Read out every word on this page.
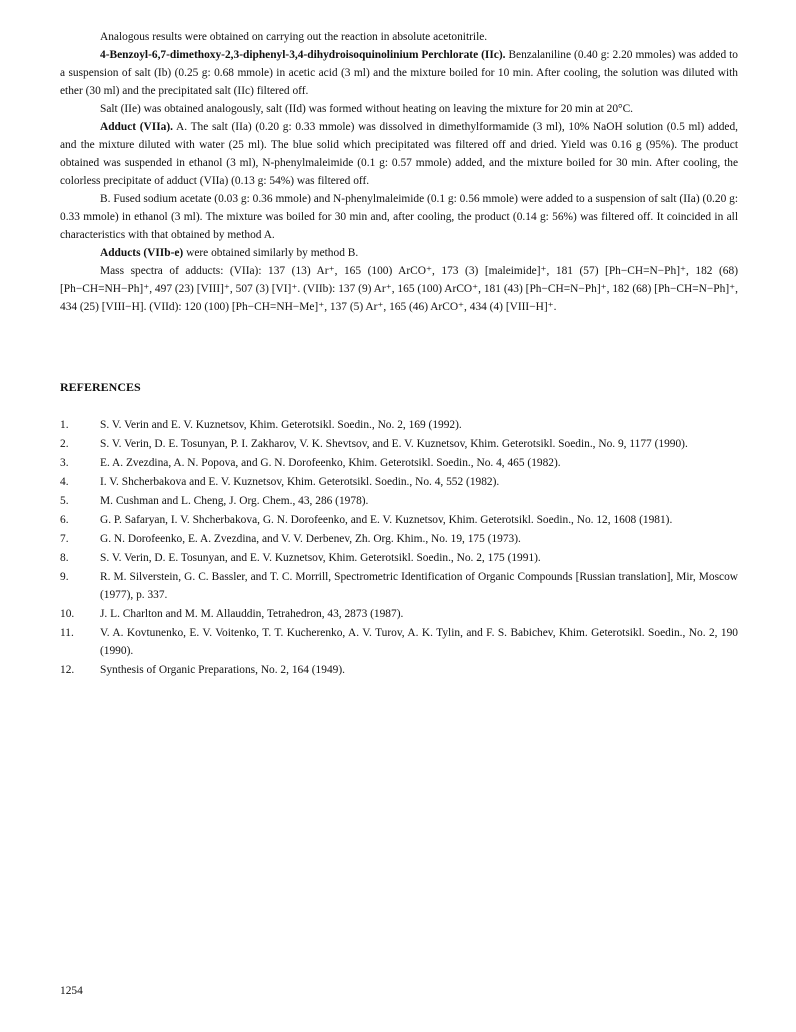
Analogous results were obtained on carrying out the reaction in absolute acetonitrile.

4-Benzoyl-6,7-dimethoxy-2,3-diphenyl-3,4-dihydroisoquinolinium Perchlorate (IIc). Benzalaniline (0.40 g: 2.20 mmoles) was added to a suspension of salt (Ib) (0.25 g: 0.68 mmole) in acetic acid (3 ml) and the mixture boiled for 10 min. After cooling, the solution was diluted with ether (30 ml) and the precipitated salt (IIc) filtered off.

Salt (IIe) was obtained analogously, salt (IId) was formed without heating on leaving the mixture for 20 min at 20°C.

Adduct (VIIa). A. The salt (IIa) (0.20 g: 0.33 mmole) was dissolved in dimethylformamide (3 ml), 10% NaOH solution (0.5 ml) added, and the mixture diluted with water (25 ml). The blue solid which precipitated was filtered off and dried. Yield was 0.16 g (95%). The product obtained was suspended in ethanol (3 ml), N-phenylmaleimide (0.1 g: 0.57 mmole) added, and the mixture boiled for 30 min. After cooling, the colorless precipitate of adduct (VIIa) (0.13 g: 54%) was filtered off.

B. Fused sodium acetate (0.03 g: 0.36 mmole) and N-phenylmaleimide (0.1 g: 0.56 mmole) were added to a suspension of salt (IIa) (0.20 g: 0.33 mmole) in ethanol (3 ml). The mixture was boiled for 30 min and, after cooling, the product (0.14 g: 56%) was filtered off. It coincided in all characteristics with that obtained by method A.

Adducts (VIIb-e) were obtained similarly by method B.

Mass spectra of adducts: (VIIa): 137 (13) Ar⁺, 165 (100) ArCO⁺, 173 (3) [maleimide]⁺, 181 (57) [Ph−CH=N−Ph]⁺, 182 (68) [Ph−CH=NH−Ph]⁺, 497 (23) [VIII]⁺, 507 (3) [VI]⁺. (VIIb): 137 (9) Ar⁺, 165 (100) ArCO⁺, 181 (43) [Ph−CH=N−Ph]⁺, 182 (68) [Ph−CH=N−Ph]⁺, 434 (25) [VIII−H]. (VIId): 120 (100) [Ph−CH=NH−Me]⁺, 137 (5) Ar⁺, 165 (46) ArCO⁺, 434 (4) [VIII−H]⁺.

REFERENCES
1.	S. V. Verin and E. V. Kuznetsov, Khim. Geterotsikl. Soedin., No. 2, 169 (1992).
2.	S. V. Verin, D. E. Tosunyan, P. I. Zakharov, V. K. Shevtsov, and E. V. Kuznetsov, Khim. Geterotsikl. Soedin., No. 9, 1177 (1990).
3.	E. A. Zvezdina, A. N. Popova, and G. N. Dorofeenko, Khim. Geterotsikl. Soedin., No. 4, 465 (1982).
4.	I. V. Shcherbakova and E. V. Kuznetsov, Khim. Geterotsikl. Soedin., No. 4, 552 (1982).
5.	M. Cushman and L. Cheng, J. Org. Chem., 43, 286 (1978).
6.	G. P. Safaryan, I. V. Shcherbakova, G. N. Dorofeenko, and E. V. Kuznetsov, Khim. Geterotsikl. Soedin., No. 12, 1608 (1981).
7.	G. N. Dorofeenko, E. A. Zvezdina, and V. V. Derbenev, Zh. Org. Khim., No. 19, 175 (1973).
8.	S. V. Verin, D. E. Tosunyan, and E. V. Kuznetsov, Khim. Geterotsikl. Soedin., No. 2, 175 (1991).
9.	R. M. Silverstein, G. C. Bassler, and T. C. Morrill, Spectrometric Identification of Organic Compounds [Russian translation], Mir, Moscow (1977), p. 337.
10.	J. L. Charlton and M. M. Allauddin, Tetrahedron, 43, 2873 (1987).
11.	V. A. Kovtunenko, E. V. Voitenko, T. T. Kucherenko, A. V. Turov, A. K. Tylin, and F. S. Babichev, Khim. Geterotsikl. Soedin., No. 2, 190 (1990).
12.	Synthesis of Organic Preparations, No. 2, 164 (1949).
1254
